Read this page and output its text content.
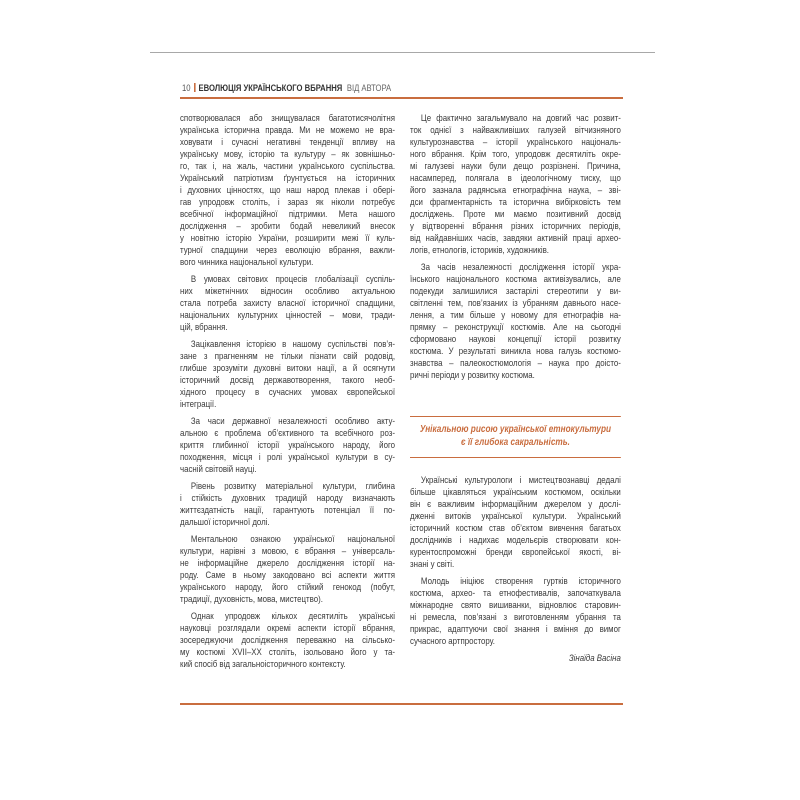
10 ЕВОЛЮЦІЯ УКРАЇНСЬКОГО ВБРАННЯ ВІД АВТОРА
спотворювалася або знищувалася багатотисячолітня
українська історична правда. Ми не можемо не вра-
ховувати і сучасні негативні тенденції впливу на
українську мову, історію та культуру – як зовнішньо-
го, так і, на жаль, частини українського суспільства.
Український патріотизм ґрунтується на історичних
і духовних цінностях, що наш народ плекав і обері-
гав упродовж століть, і зараз як ніколи потребує
всебічної інформаційної підтримки. Мета нашого
дослідження – зробити бодай невеликий внесок
у новітню історію України, розширити межі її куль-
турної спадщини через еволюцію вбрання, важли-
вого чинника національної культури.
В умовах світових процесів глобалізації суспіль-
них міжетнічних відносин особливо актуальною
стала потреба захисту власної історичної спадщини,
національних культурних цінностей – мови, тради-
цій, вбрання.
Зацікавлення історією в нашому суспільстві пов’я-
зане з прагненням не тільки пізнати свій родовід,
глибше зрозуміти духовні витоки нації, а й осягнути
історичний досвід державотворення, такого необ-
хідного процесу в сучасних умовах європейської
інтеграції.
За часи державної незалежності особливо акту-
альною є проблема об’єктивного та всебічного роз-
криття глибинної історії українського народу, його
походження, місця і ролі української культури в су-
часній світовій науці.
Рівень розвитку матеріальної культури, глибина
і стійкість духовних традицій народу визначають
життєздатність нації, гарантують потенціал її по-
дальшої історичної долі.
Ментальною ознакою української національної
культури, нарівні з мовою, є вбрання – універсаль-
не інформаційне джерело дослідження історії на-
роду. Саме в ньому закодовано всі аспекти життя
українського народу, його стійкий генокод (побут,
традиції, духовність, мова, мистецтво).
Однак упродовж кількох десятиліть українські
науковці розглядали окремі аспекти історії вбрання,
зосереджуючи дослідження переважно на сільсько-
му костюмі XVII–XX століть, ізольовано його у та-
кий спосіб від загальноісторичного контексту.
Це фактично загальмувало на довгий час розвит-
ток однієї з найважливіших галузей вітчизняного
культурознавства – історії українського національ-
ного вбрання. Крім того, упродовж десятиліть окре-
мі галузеві науки були дещо розрізнені. Причина,
насамперед, полягала в ідеологічному тиску, що
його зазнала радянська етнографічна наука, – зві-
дси фрагментарність та історична вибірковість тем
досліджень. Проте ми маємо позитивний досвід
у відтворенні вбрання різних історичних періодів,
від найдавніших часів, завдяки активній праці архео-
логів, етнологів, істориків, художників.
За часів незалежності дослідження історії укра-
їнського національного костюма активізувались, але
подекуди залишилися застарілі стереотипи у ви-
світленні тем, пов’язаних із убранням давнього насе-
лення, а тим більше у новому для етнографів на-
прямку – реконструкції костюмів. Але на сьогодні
сформовано наукові концепції історії розвитку
костюма. У результаті виникла нова галузь костюмо-
знавства – палеокостюмологія – наука про доісто-
ричні періоди у розвитку костюма.
Унікальною рисою української етнокультури
є її глибока сакральність.
Українські культурологи і мистецтвознавці дедалі
більше цікавляться українським костюмом, оскільки
він є важливим інформаційним джерелом у дослі-
дженні витоків української культури. Український
історичний костюм став об’єктом вивчення багатьох
дослідників і надихає модельєрів створювати кон-
курентоспроможні бренди європейської якості, ві-
знані у світі.
Молодь ініціює створення гуртків історичного
костюма, архео- та етнофестивалів, започаткувала
міжнародне свято вишиванки, відновлює старовин-
ні ремесла, пов’язані з виготовленням убрання та
прикрас, адаптуючи свої знання і вміння до вимог
сучасного артпростору.
Зінаїда Васіна
